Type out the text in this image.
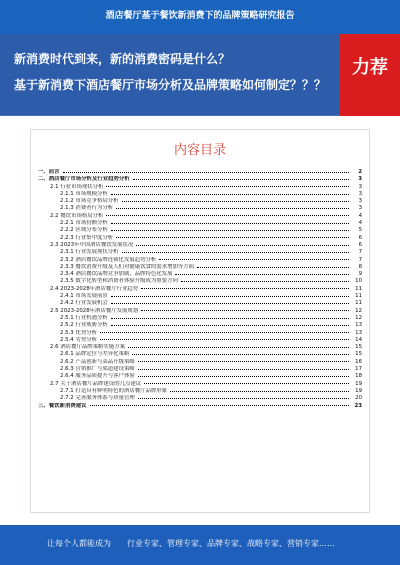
酒店餐厅基于餐饮新消费下的品牌策略研究报告
新消费时代到来，新的消费密码是什么？
基于新消费下酒店餐厅市场分析及品牌策略如何制定？？？
力荐
内容目录
一、前言	2
二、酒店餐厅市场分析及行业趋势分析	3
2.1 行业市场现状分析	3
2.1.1 市场规模分析	3
2.1.2 市场竞争格局分析	3
2.1.3 消费者行为分析	3
2.2 餐饮市场格局分析	4
2.2.1 市场份额分析	4
2.2.2 区域分布分析	5
2.2.3 行业集中度分析	6
2.3 2023年中国酒店餐饮发展状况	6
2.3.1 行业发展现状分析	7
2.3.2 酒店餐饮品牌连锁化发展趋势分析	7
2.3.3 餐饮消费升级及人们对健康饮食的需求增加等方面	8
2.3.4 酒店餐饮品牌竞争加剧，品牌特色化发展	9
2.3.5 数字化转型和消费者体验升级成为重要方向	10
2.4 2023-2028年酒店餐厅行业趋势	11
2.4.1 市场发展前景	11
2.4.2 行业发展机会	11
2.5 2023-2028年酒店餐厅发展规划	12
2.5.1 行业机遇分析	12
2.5.2 行业威胁分析	13
2.5.3 优势分析	13
2.5.4 劣势分析	14
2.6 酒店餐厅品牌策略实施方案	15
2.6.1 品牌定位与差异化策略	15
2.6.2 产品创新与菜品升级策略	16
2.6.3 营销推广与渠道建设策略	17
2.6.4 服务品质提升与客户体验	18
2.7 关于酒店餐厅品牌建设的几点建议	19
2.7.1 打造具有鲜明特色的酒店餐厅品牌形象	19
2.7.2 完善服务体系与质量管理	20
三、餐饮新消费建议	23
让每个人都能成为 行业专家、管理专家、品牌专家、战略专家、营销专家……
